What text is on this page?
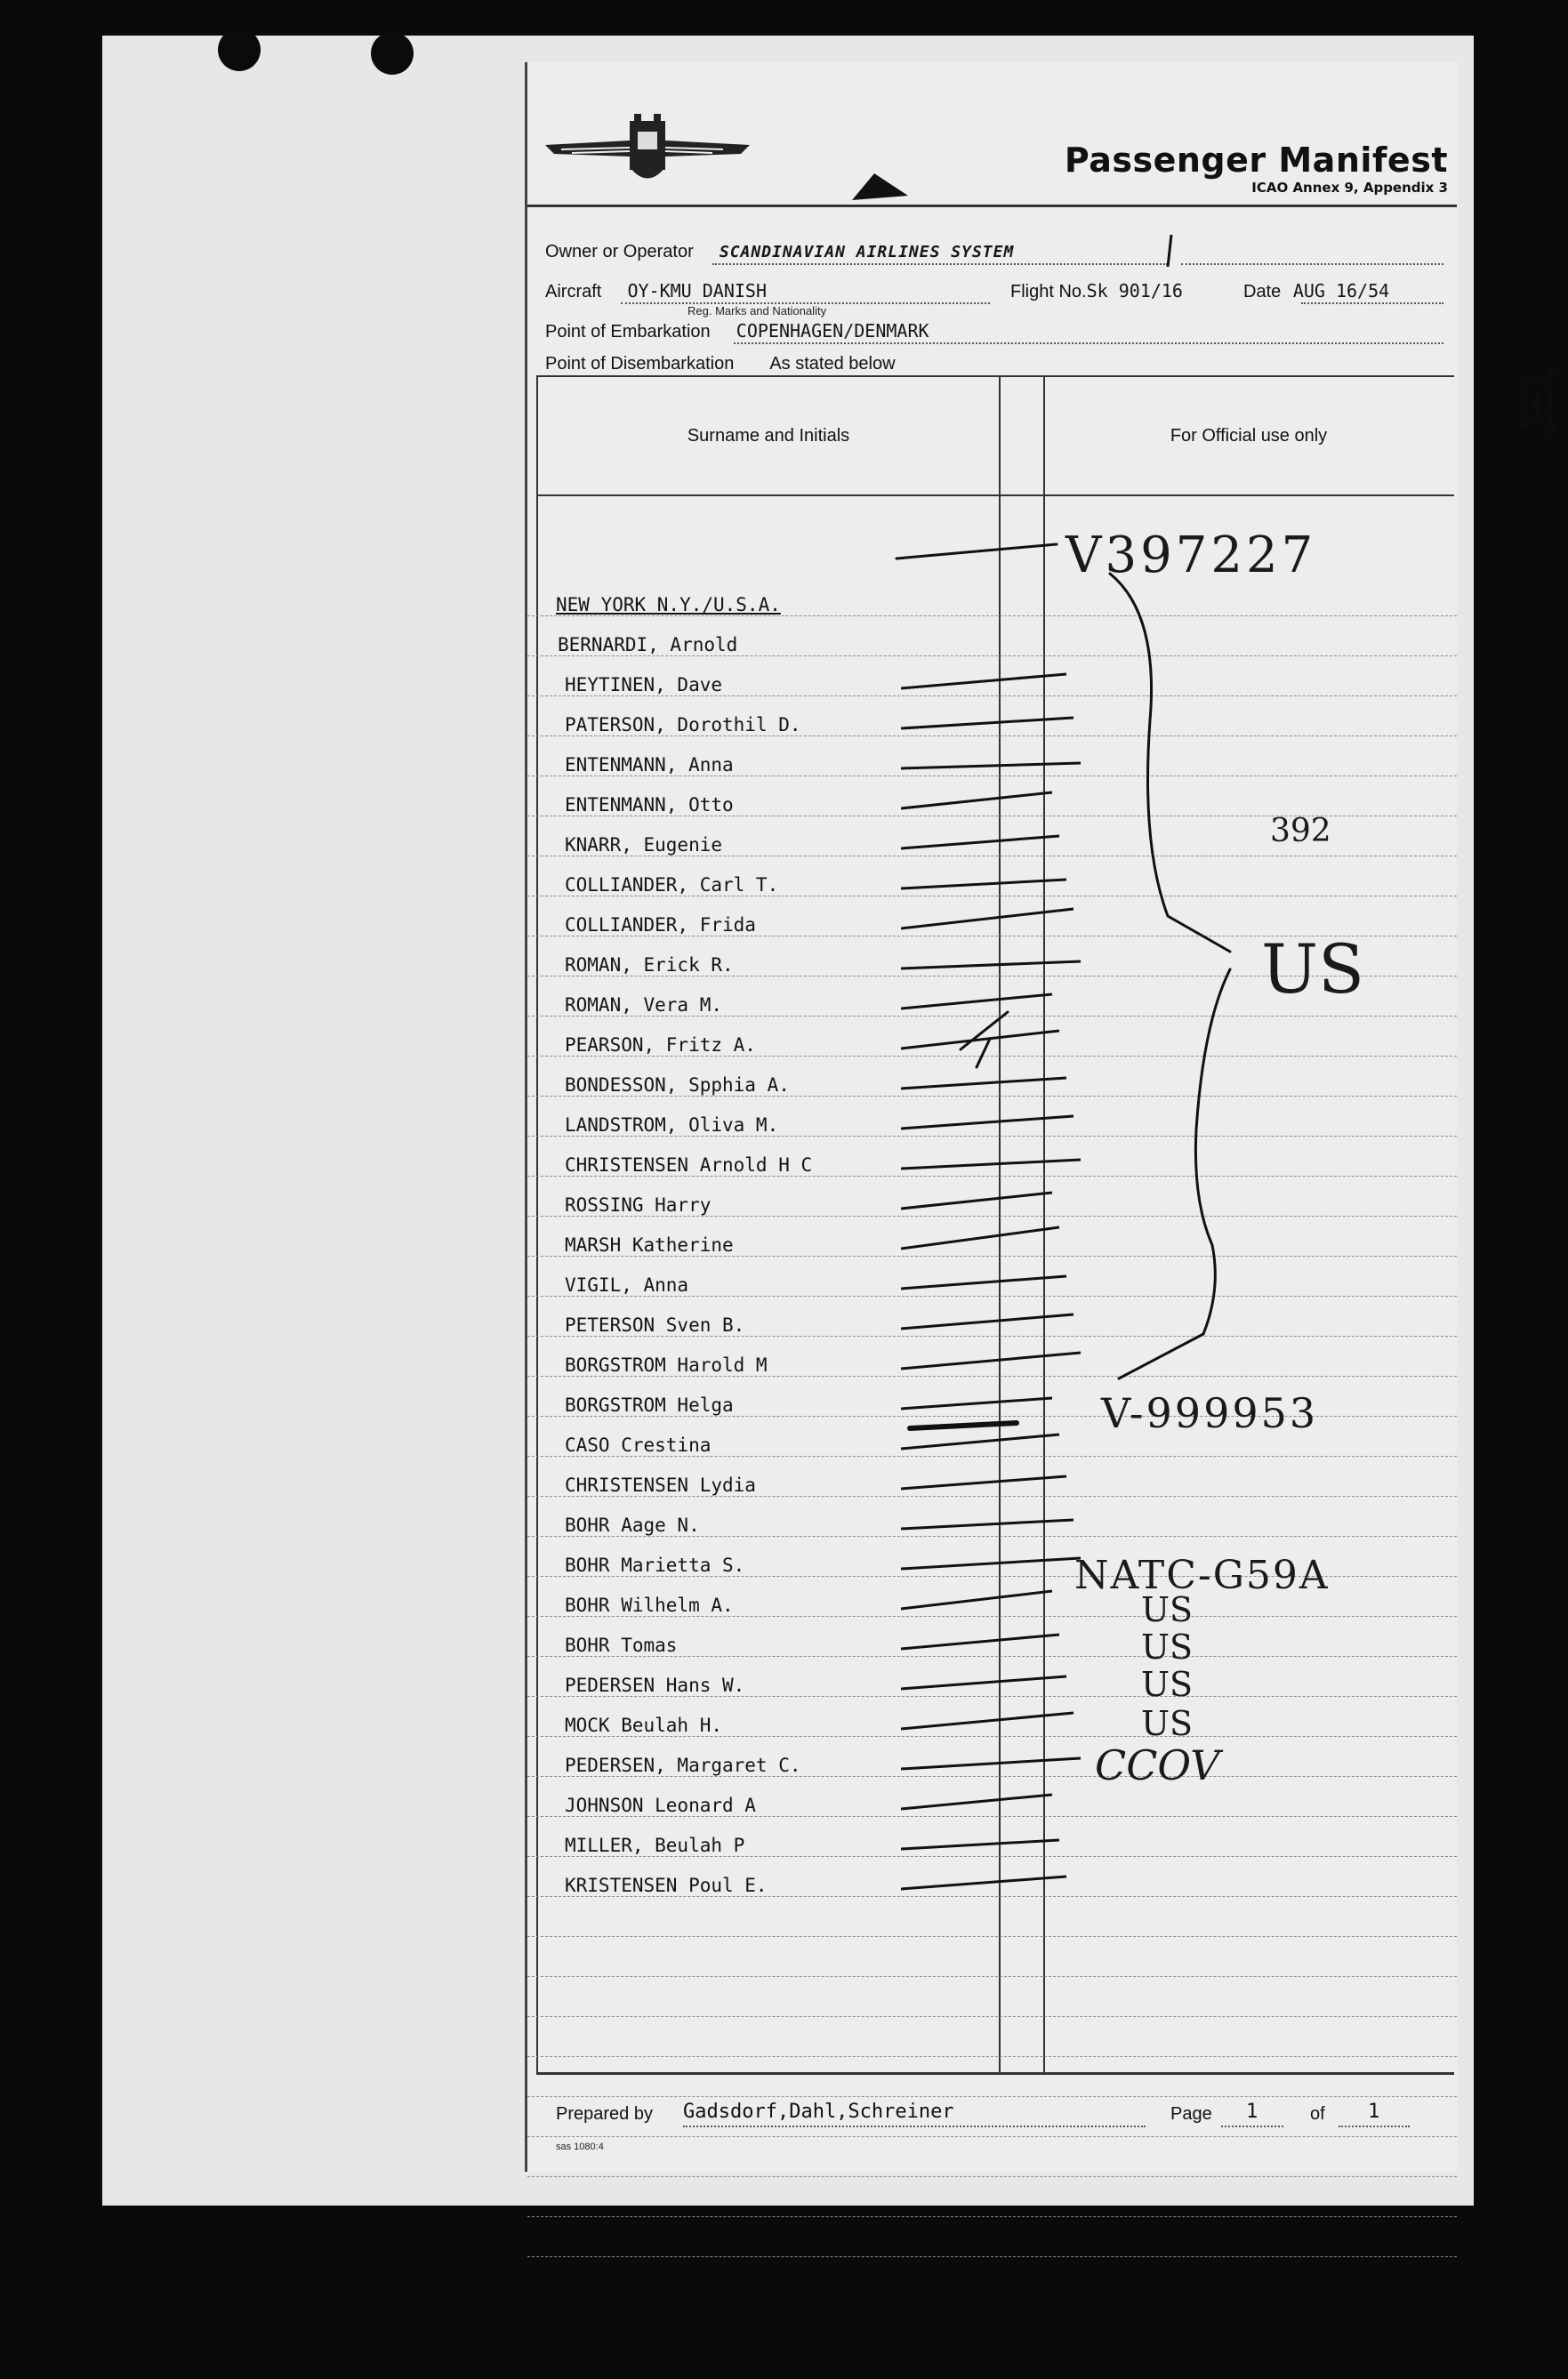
Passenger Manifest
ICAO Annex 9, Appendix 3
Owner or Operator SCANDINAVIAN AIRLINES SYSTEM
Aircraft OY-KMU DANISH
Reg. Marks and Nationality
Flight No.Sk 901/16	Date AUG 16/54
Point of Embarkation COPENHAGEN/DENMARK
Point of Disembarkation As stated below
Surname and Initials	For Official use only
For use by Owner or Operator only
NEW YORK N.Y./U.S.A.
BERNARDI, Arnold
HEYTINEN, Dave
PATERSON, Dorothil D.
ENTENMANN, Anna
ENTENMANN, Otto
KNARR, Eugenie
COLLIANDER, Carl T.
COLLIANDER, Frida
ROMAN, Erick R.
ROMAN, Vera M.
PEARSON, Fritz A.
BONDESSON, Spphia A.
LANDSTROM, Oliva M.
CHRISTENSEN Arnold H C
ROSSING Harry
MARSH Katherine
VIGIL, Anna
PETERSON Sven B.
BORGSTROM Harold M
BORGSTROM Helga
CASO Crestina
CHRISTENSEN Lydia
BOHR Aage N.
BOHR Marietta S.
BOHR Wilhelm A.
BOHR Tomas
PEDERSEN Hans W.
MOCK Beulah H.
PEDERSEN, Margaret C.
JOHNSON Leonard A
MILLER, Beulah P
KRISTENSEN Poul E.
V397227
392
US
V-999953
NATC-G59A
US
US
US
US
CCOV
Prepared by Gadsdorf,Dahl,Schreiner	Page 1	of 1
sas 1080:4
